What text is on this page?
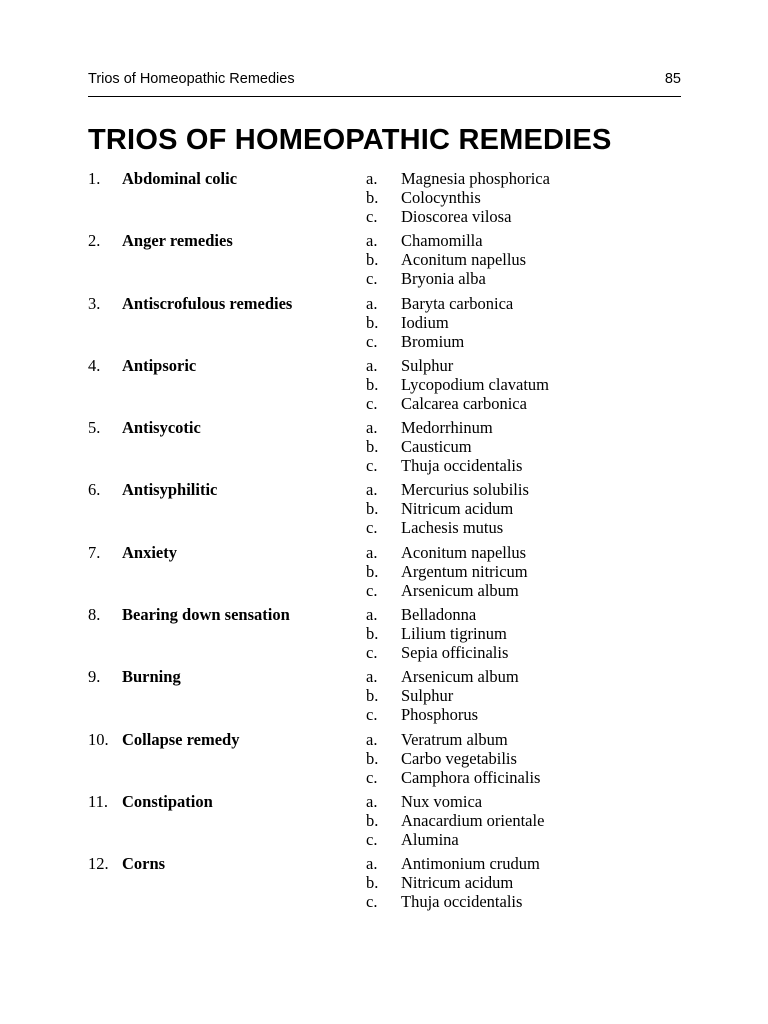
Trios of Homeopathic Remedies	85
TRIOS OF HOMEOPATHIC REMEDIES
1. Abdominal colic	a. Magnesia phosphorica
b. Colocynthis
c. Dioscorea vilosa
2. Anger remedies	a. Chamomilla
b. Aconitum napellus
c. Bryonia alba
3. Antiscrofulous remedies	a. Baryta carbonica
b. Iodium
c. Bromium
4. Antipsoric	a. Sulphur
b. Lycopodium clavatum
c. Calcarea carbonica
5. Antisycotic	a. Medorrhinum
b. Causticum
c. Thuja occidentalis
6. Antisyphilitic	a. Mercurius solubilis
b. Nitricum acidum
c. Lachesis mutus
7. Anxiety	a. Aconitum napellus
b. Argentum nitricum
c. Arsenicum album
8. Bearing down sensation	a. Belladonna
b. Lilium tigrinum
c. Sepia officinalis
9. Burning	a. Arsenicum album
b. Sulphur
c. Phosphorus
10. Collapse remedy	a. Veratrum album
b. Carbo vegetabilis
c. Camphora officinalis
11. Constipation	a. Nux vomica
b. Anacardium orientale
c. Alumina
12. Corns	a. Antimonium crudum
b. Nitricum acidum
c. Thuja occidentalis
